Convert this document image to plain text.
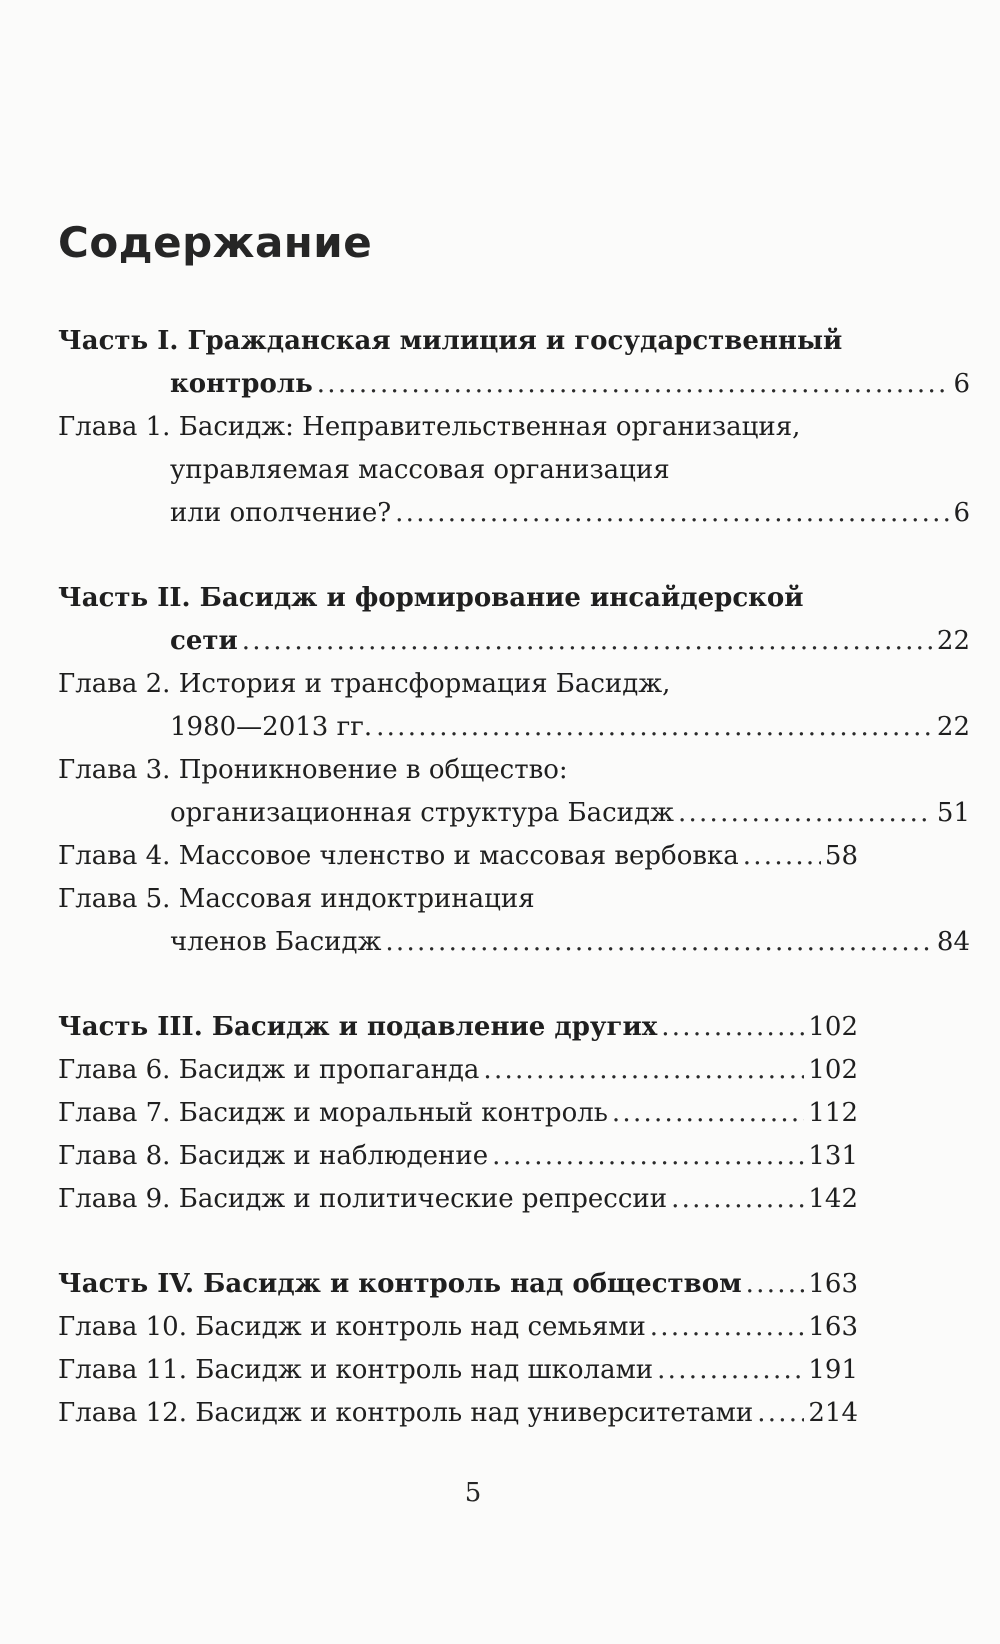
Содержание
Часть I.
Гражданская милиция и государственный
контроль . . .	6
Глава 1.
Басидж: Неправительственная организация,
управляемая массовая организация
или ополчение? . . .	6
Часть II.
Басидж и формирование инсайдерской
сети . . .	22
Глава 2.
История и трансформация Басидж,
1980—2013 гг. . . .	22
Глава 3.
Проникновение в общество:
организационная структура Басидж . . .	51
Глава 4.
Массовое членство и массовая вербовка . . .	58
Глава 5.
Массовая индоктринация
членов Басидж . . .	84
Часть III.
Басидж и подавление других . . .	102
Глава 6.
Басидж и пропаганда . . .	102
Глава 7.
Басидж и моральный контроль . . .	112
Глава 8.
Басидж и наблюдение . . .	131
Глава 9.
Басидж и политические репрессии . . .	142
Часть IV.
Басидж и контроль над обществом . . .	163
Глава 10.
Басидж и контроль над семьями . . .	163
Глава 11.
Басидж и контроль над школами . . .	191
Глава 12.
Басидж и контроль над университетами . . . 214
5
